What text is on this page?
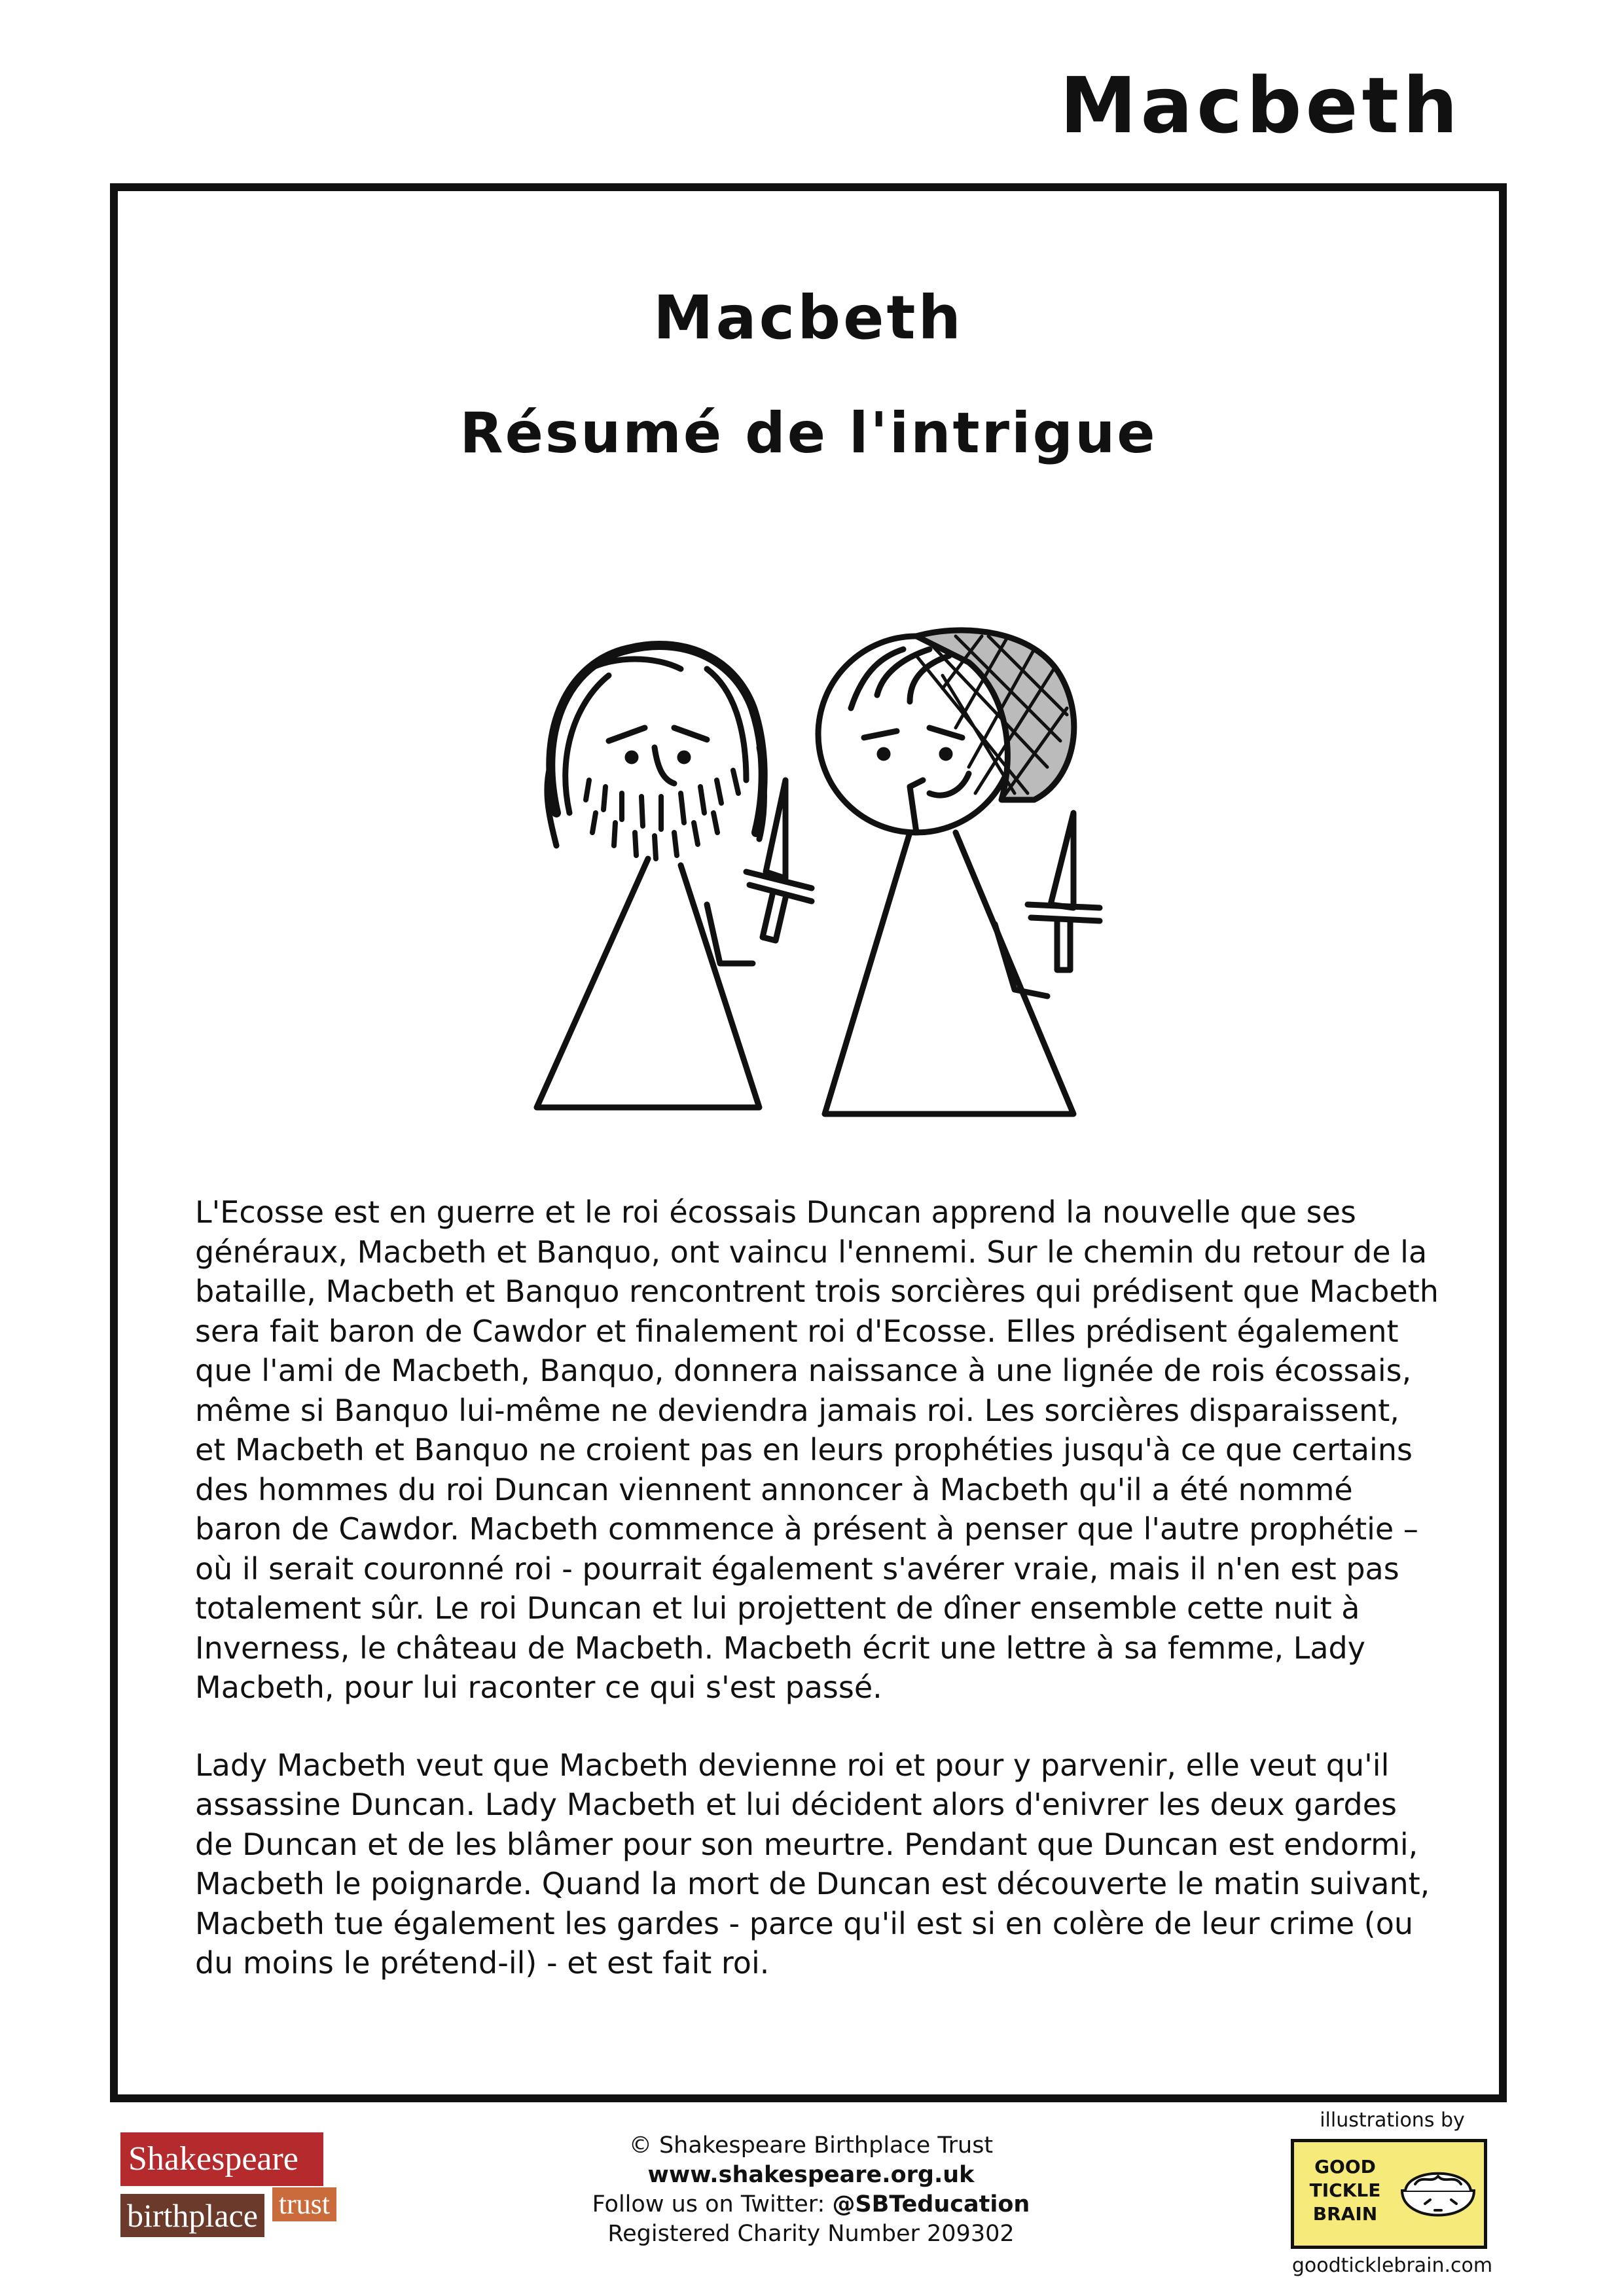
Macbeth
Macbeth
Résumé de l'intrigue

L'Ecosse est en guerre et le roi écossais Duncan apprend la nouvelle que ses généraux, Macbeth et Banquo, ont vaincu l'ennemi. Sur le chemin du retour de la bataille, Macbeth et Banquo rencontrent trois sorcières qui prédisent que Macbeth sera fait baron de Cawdor et finalement roi d'Ecosse. Elles prédisent également que l'ami de Macbeth, Banquo, donnera naissance à une lignée de rois écossais, même si Banquo lui-même ne deviendra jamais roi. Les sorcières disparaissent, et Macbeth et Banquo ne croient pas en leurs prophéties jusqu'à ce que certains des hommes du roi Duncan viennent annoncer à Macbeth qu'il a été nommé baron de Cawdor. Macbeth commence à présent à penser que l'autre prophétie – où il serait couronné roi - pourrait également s'avérer vraie, mais il n'en est pas totalement sûr. Le roi Duncan et lui projettent de dîner ensemble cette nuit à Inverness, le château de Macbeth. Macbeth écrit une lettre à sa femme, Lady Macbeth, pour lui raconter ce qui s'est passé.

Lady Macbeth veut que Macbeth devienne roi et pour y parvenir, elle veut qu'il assassine Duncan. Lady Macbeth et lui décident alors d'enivrer les deux gardes de Duncan et de les blâmer pour son meurtre. Pendant que Duncan est endormi, Macbeth le poignarde. Quand la mort de Duncan est découverte le matin suivant, Macbeth tue également les gardes - parce qu'il est si en colère de leur crime (ou du moins le prétend-il) - et est fait roi.

Shakespeare
birthplace trust
© Shakespeare Birthplace Trust
www.shakespeare.org.uk
Follow us on Twitter: @SBTeducation
Registered Charity Number 209302
illustrations by
GOOD
TICKLE
BRAIN
goodticklebrain.com
